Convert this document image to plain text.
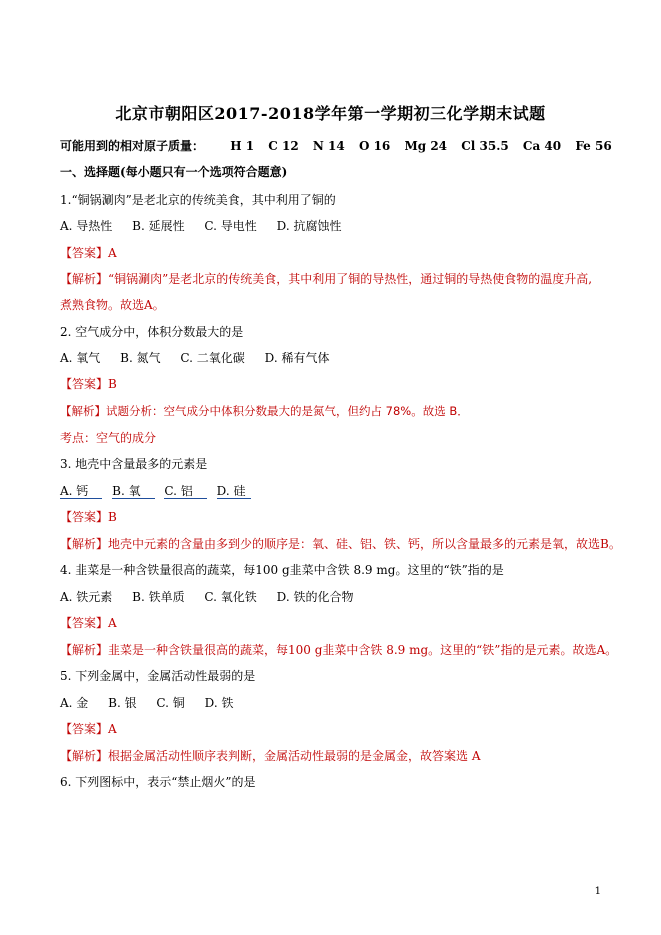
北京市朝阳区2017-2018学年第一学期初三化学期末试题
可能用到的相对原子质量： H 1 C 12 N 14 O 16 Mg 24 Cl 35.5 Ca 40 Fe 56
一、选择题(每小题只有一个选项符合题意)
1.“铜锅涮肉”是老北京的传统美食，其中利用了铜的
A. 导热性 B. 延展性 C. 导电性 D. 抗腐蚀性
【答案】A
【解析】“铜锅涮肉”是老北京的传统美食，其中利用了铜的导热性，通过铜的导热使食物的温度升高,
煮熟食物。故选A。
2. 空气成分中，体积分数最大的是
A. 氧气 B. 氮气 C. 二氧化碳 D. 稀有气体
【答案】B
【解析】试题分析：空气成分中体积分数最大的是氮气，但约占 78%。故选 B．
考点：空气的成分
3. 地壳中含量最多的元素是
A. 钙 B. 氧 C. 铝 D. 硅
【答案】B
【解析】地壳中元素的含量由多到少的顺序是：氧、硅、铝、铁、钙，所以含量最多的元素是氧，故选B。
4. 韭菜是一种含铁量很高的蔬菜，每100 g韭菜中含铁 8.9 mg。这里的“铁”指的是
A. 铁元素 B. 铁单质 C. 氧化铁 D. 铁的化合物
【答案】A
【解析】韭菜是一种含铁量很高的蔬菜，每100 g韭菜中含铁 8.9 mg。这里的“铁”指的是元素。故选A。
5. 下列金属中，金属活动性最弱的是
A. 金 B. 银 C. 铜 D. 铁
【答案】A
【解析】根据金属活动性顺序表判断，金属活动性最弱的是金属金，故答案选 A
6. 下列图标中，表示“禁止烟火”的是
1
